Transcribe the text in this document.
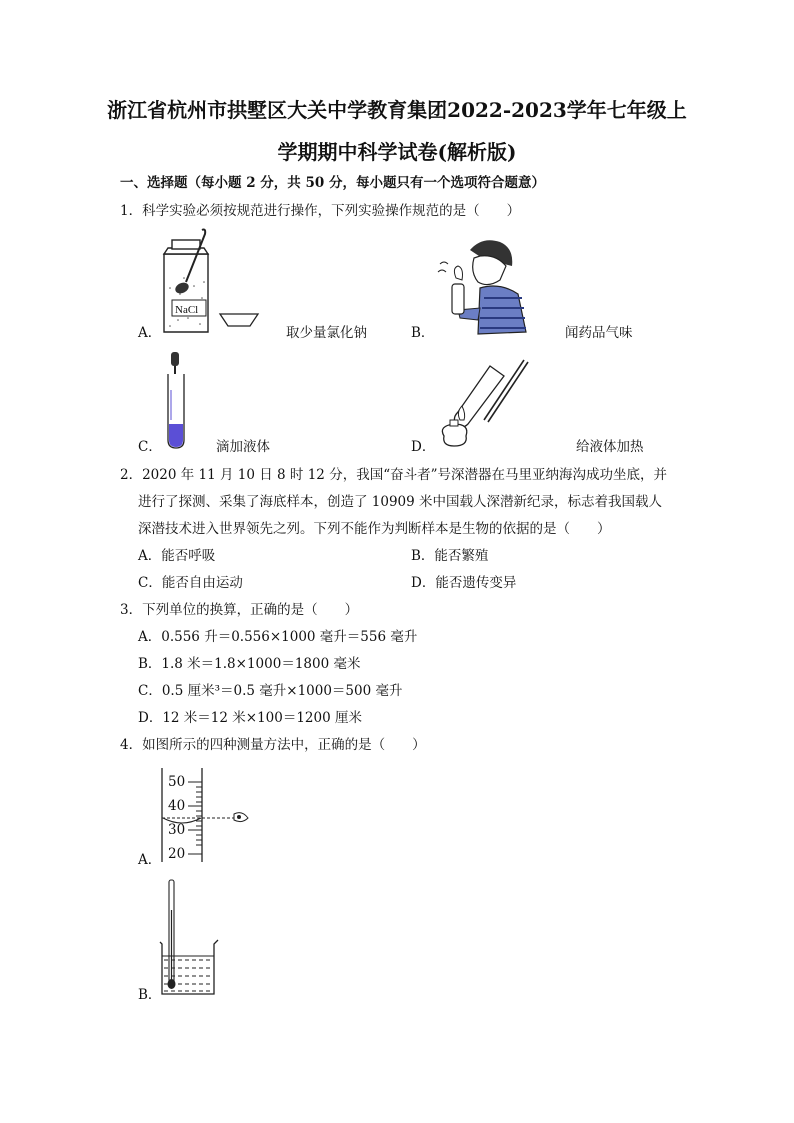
浙江省杭州市拱墅区大关中学教育集团2022-2023学年七年级上
学期期中科学试卷(解析版)
一、选择题（每小题 2 分，共 50 分，每小题只有一个选项符合题意）
1．科学实验必须按规范进行操作，下列实验操作规范的是（　　）
NaCl
A．	取少量氯化钠	B．	闻药品气味
C．	滴加液体	D．	给液体加热
2．2020 年 11 月 10 日 8 时 12 分，我国“奋斗者”号深潜器在马里亚纳海沟成功坐底，并
进行了探测、采集了海底样本，创造了 10909 米中国载人深潜新纪录，标志着我国载人
深潜技术进入世界领先之列。下列不能作为判断样本是生物的依据的是（　　）
A．能否呼吸	B．能否繁殖
C．能否自由运动	D．能否遗传变异
3．下列单位的换算，正确的是（　　）
A．0.556 升＝0.556×1000 毫升＝556 毫升
B．1.8 米＝1.8×1000＝1800 毫米
C．0.5 厘米³＝0.5 毫升×1000＝500 毫升
D．12 米＝12 米×100＝1200 厘米
4．如图所示的四种测量方法中，正确的是（　　）
50
40
30
20
A．
B．
